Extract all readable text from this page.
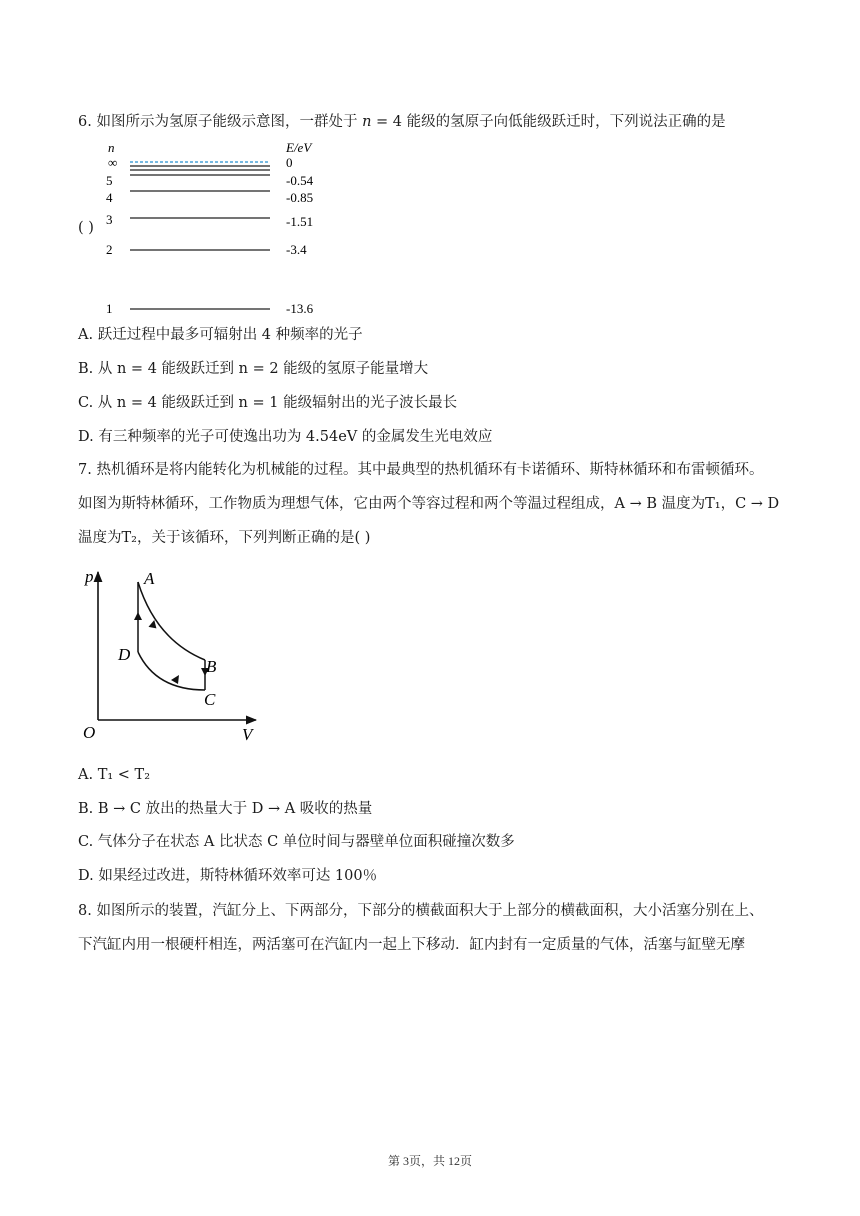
6. 如图所示为氢原子能级示意图，一群处于 n = 4 能级的氢原子向低能级跃迁时，下列说法正确的是
( )
n	E/eV
∞	0
5	-0.54
4	-0.85
3	-1.51
2	-3.4
1	-13.6
A. 跃迁过程中最多可辐射出 4 种频率的光子
B. 从 n = 4 能级跃迁到 n = 2 能级的氢原子能量增大
C. 从 n = 4 能级跃迁到 n = 1 能级辐射出的光子波长最长
D. 有三种频率的光子可使逸出功为 4.54eV 的金属发生光电效应
7. 热机循环是将内能转化为机械能的过程。其中最典型的热机循环有卡诺循环、斯特林循环和布雷顿循环。
如图为斯特林循环，工作物质为理想气体，它由两个等容过程和两个等温过程组成，A → B 温度为T₁，C → D
温度为T₂，关于该循环，下列判断正确的是( )
p
V
O
A
B
C
D
A. T₁ < T₂
B. B → C 放出的热量大于 D → A 吸收的热量
C. 气体分子在状态 A 比状态 C 单位时间与器壁单位面积碰撞次数多
D. 如果经过改进，斯特林循环效率可达 100％
8. 如图所示的装置，汽缸分上、下两部分，下部分的横截面积大于上部分的横截面积，大小活塞分别在上、
下汽缸内用一根硬杆相连，两活塞可在汽缸内一起上下移动．缸内封有一定质量的气体，活塞与缸壁无摩
第 3页，共 12页
